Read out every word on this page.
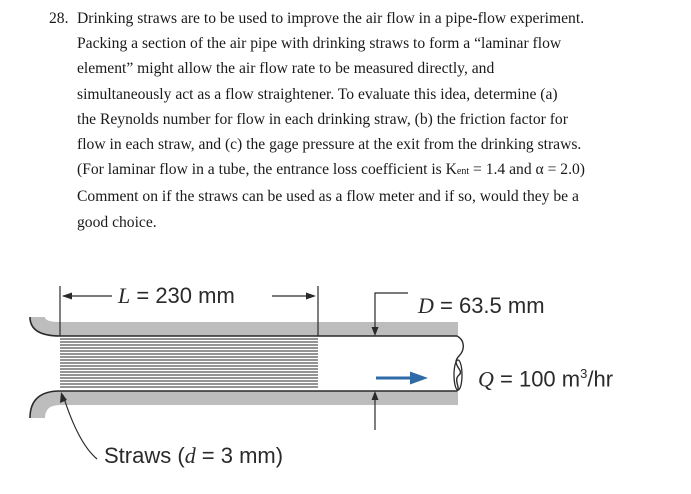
28. Drinking straws are to be used to improve the air flow in a pipe-flow experiment.
Packing a section of the air pipe with drinking straws to form a “laminar flow
element” might allow the air flow rate to be measured directly, and
simultaneously act as a flow straightener. To evaluate this idea, determine (a)
the Reynolds number for flow in each drinking straw, (b) the friction factor for
flow in each straw, and (c) the gage pressure at the exit from the drinking straws.
(For laminar flow in a tube, the entrance loss coefficient is Kent = 1.4 and α = 2.0)
Comment on if the straws can be used as a flow meter and if so, would they be a
good choice.
L = 230 mm	D = 63.5 mm
Q = 100 $m^3/hr$
Straws (d = 3 mm)
